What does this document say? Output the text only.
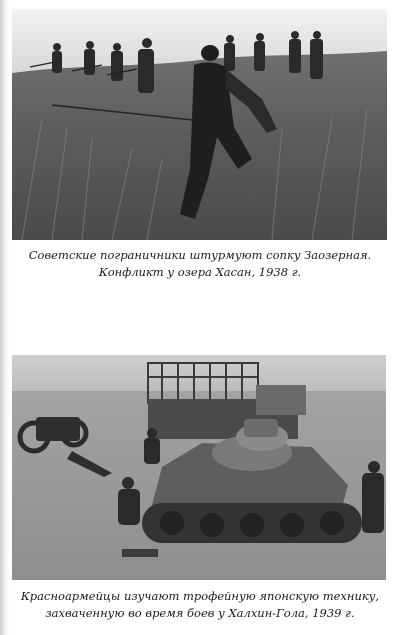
Советские пограничники штурмуют сопку Заозерная.
Конфликт у озера Хасан, 1938 г.
Красноармейцы изучают трофейную японскую технику,
захваченную во время боев у Халхин-Гола, 1939 г.
